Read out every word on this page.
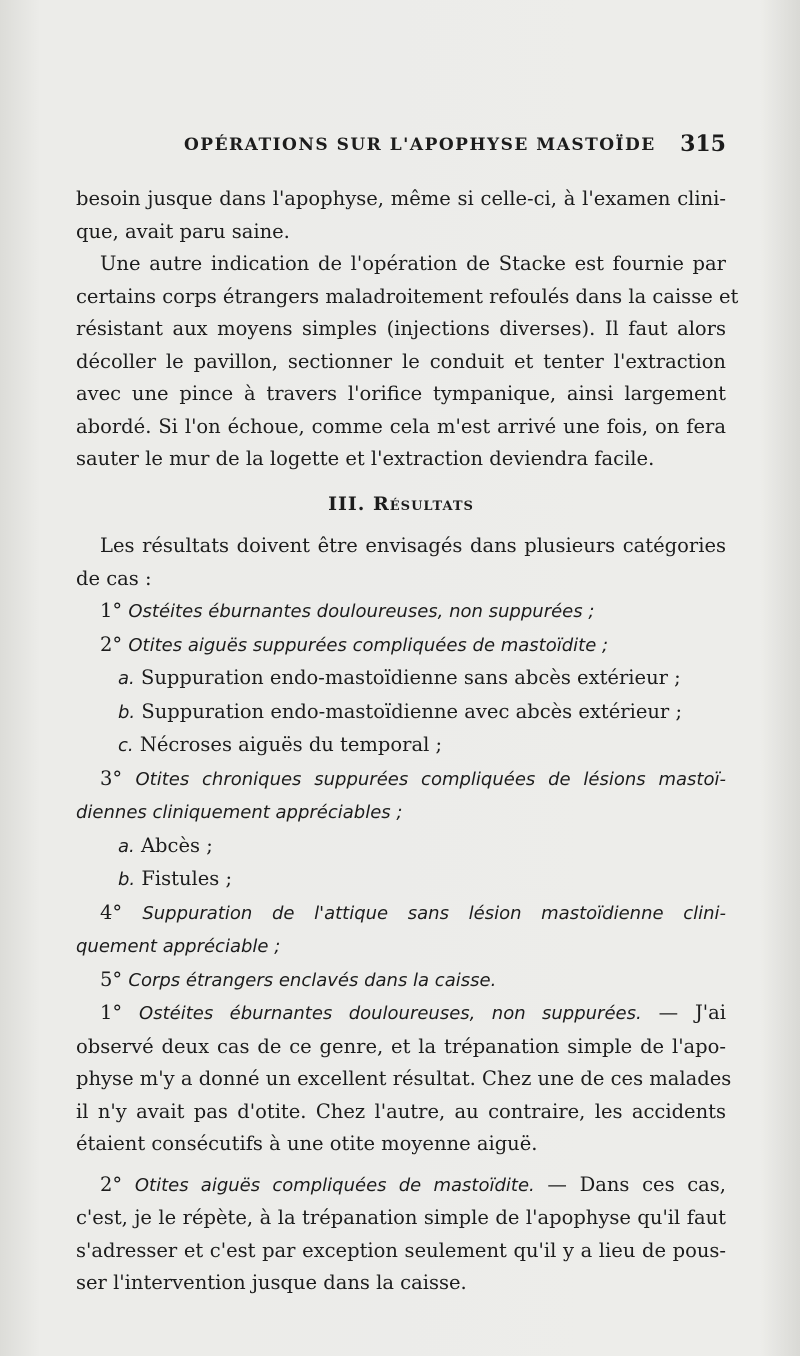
OPÉRATIONS SUR L'APOPHYSE MASTOÏDE 315
besoin jusque dans l'apophyse, même si celle-ci, à l'examen clini-
que, avait paru saine.
Une autre indication de l'opération de Stacke est fournie par
certains corps étrangers maladroitement refoulés dans la caisse et
résistant aux moyens simples (injections diverses). Il faut alors
décoller le pavillon, sectionner le conduit et tenter l'extraction
avec une pince à travers l'orifice tympanique, ainsi largement
abordé. Si l'on échoue, comme cela m'est arrivé une fois, on fera
sauter le mur de la logette et l'extraction deviendra facile.
III. Résultats
Les résultats doivent être envisagés dans plusieurs catégories
de cas :
1° Ostéites éburnantes douloureuses, non suppurées ;
2° Otites aiguës suppurées compliquées de mastoïdite ;
a. Suppuration endo-mastoïdienne sans abcès extérieur ;
b. Suppuration endo-mastoïdienne avec abcès extérieur ;
c. Nécroses aiguës du temporal ;
3° Otites chroniques suppurées compliquées de lésions mastoï-
diennes cliniquement appréciables ;
a. Abcès ;
b. Fistules ;
4° Suppuration de l'attique sans lésion mastoïdienne clini-
quement appréciable ;
5° Corps étrangers enclavés dans la caisse.
1° Ostéites éburnantes douloureuses, non suppurées. — J'ai
observé deux cas de ce genre, et la trépanation simple de l'apo-
physe m'y a donné un excellent résultat. Chez une de ces malades
il n'y avait pas d'otite. Chez l'autre, au contraire, les accidents
étaient consécutifs à une otite moyenne aiguë.
2° Otites aiguës compliquées de mastoïdite. — Dans ces cas,
c'est, je le répète, à la trépanation simple de l'apophyse qu'il faut
s'adresser et c'est par exception seulement qu'il y a lieu de pous-
ser l'intervention jusque dans la caisse.
